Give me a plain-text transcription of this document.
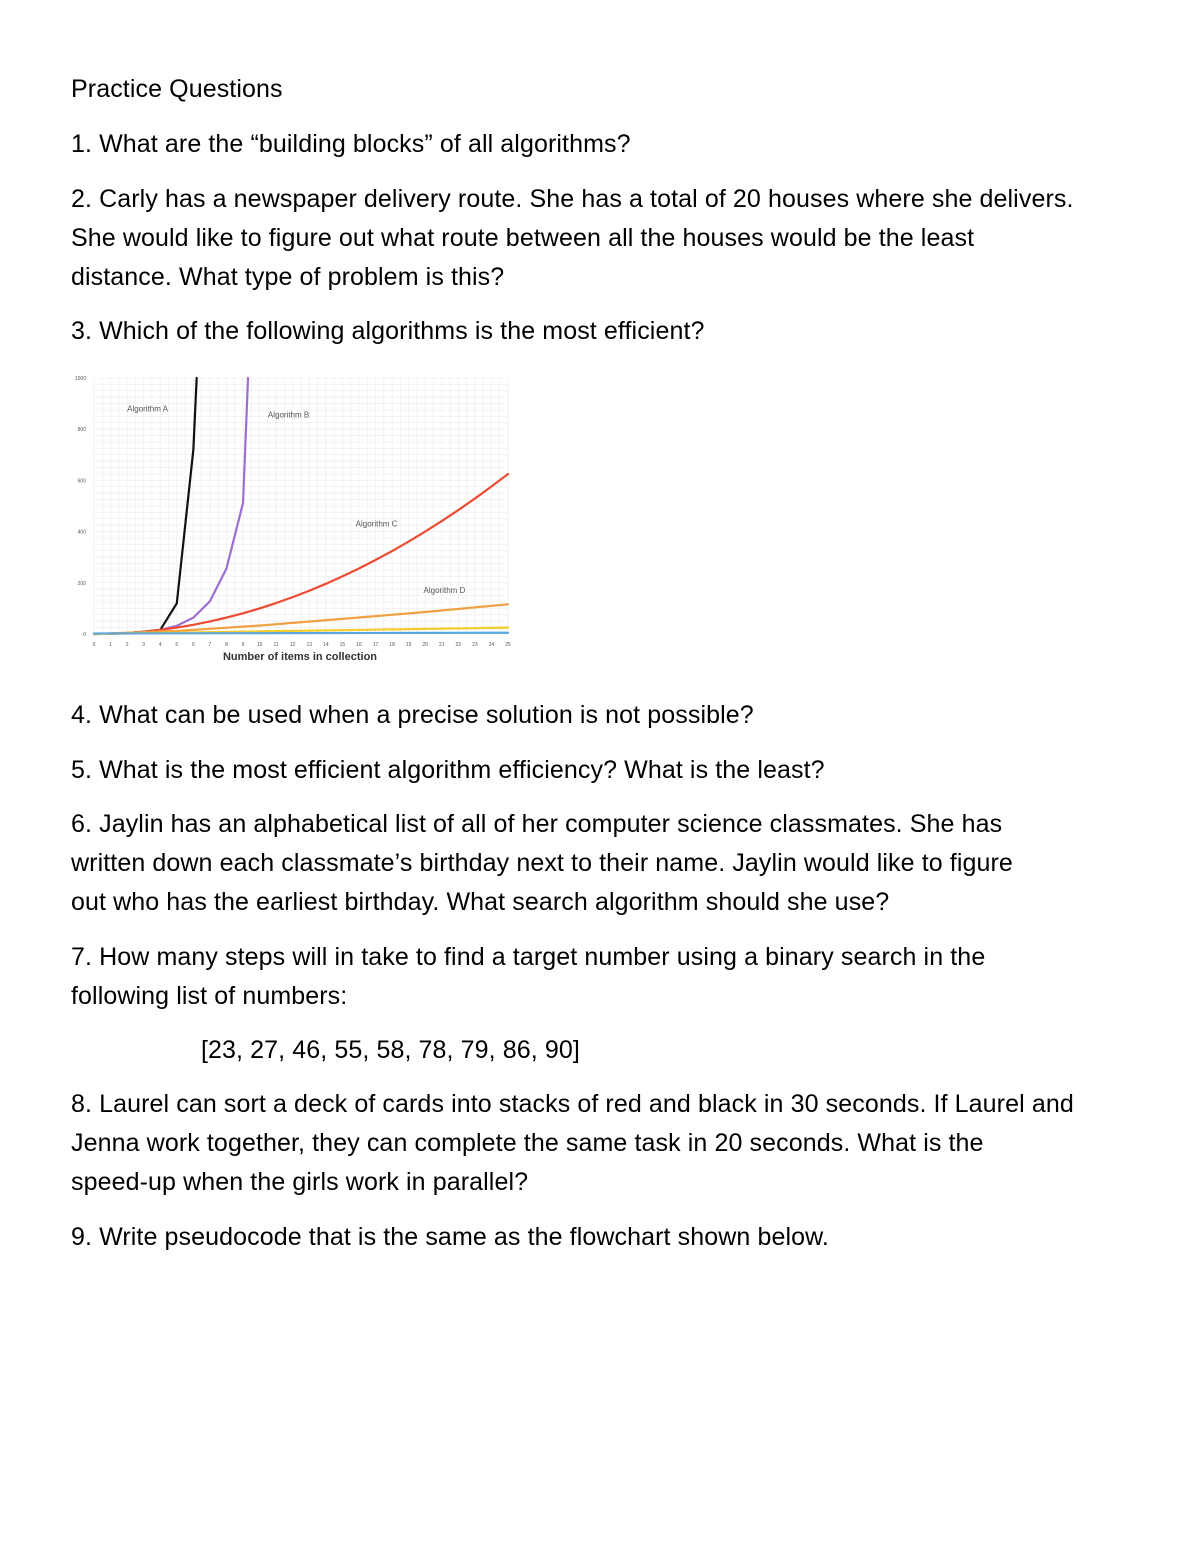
Practice Questions
1. What are the “building blocks” of all algorithms?
2. Carly has a newspaper delivery route. She has a total of 20 houses where she delivers.
She would like to figure out what route between all the houses would be the least
distance. What type of problem is this?
3. Which of the following algorithms is the most efficient?
0	1	2	3	4	5	6	7	8	9 10 11 12 13 14 15 16 17 18 19 20 21 22 23 24 25
0
200
400
600
800
1000
Algorithm A
Algorithm B
Algorithm C
Algorithm D
Number of items in collection
4. What can be used when a precise solution is not possible?
5. What is the most efficient algorithm efficiency? What is the least?
6. Jaylin has an alphabetical list of all of her computer science classmates. She has
written down each classmate’s birthday next to their name. Jaylin would like to figure
out who has the earliest birthday. What search algorithm should she use?
7. How many steps will in take to find a target number using a binary search in the
following list of numbers:
[23, 27, 46, 55, 58, 78, 79, 86, 90]
8. Laurel can sort a deck of cards into stacks of red and black in 30 seconds. If Laurel and
Jenna work together, they can complete the same task in 20 seconds. What is the
speed-up when the girls work in parallel?
9. Write pseudocode that is the same as the flowchart shown below.
